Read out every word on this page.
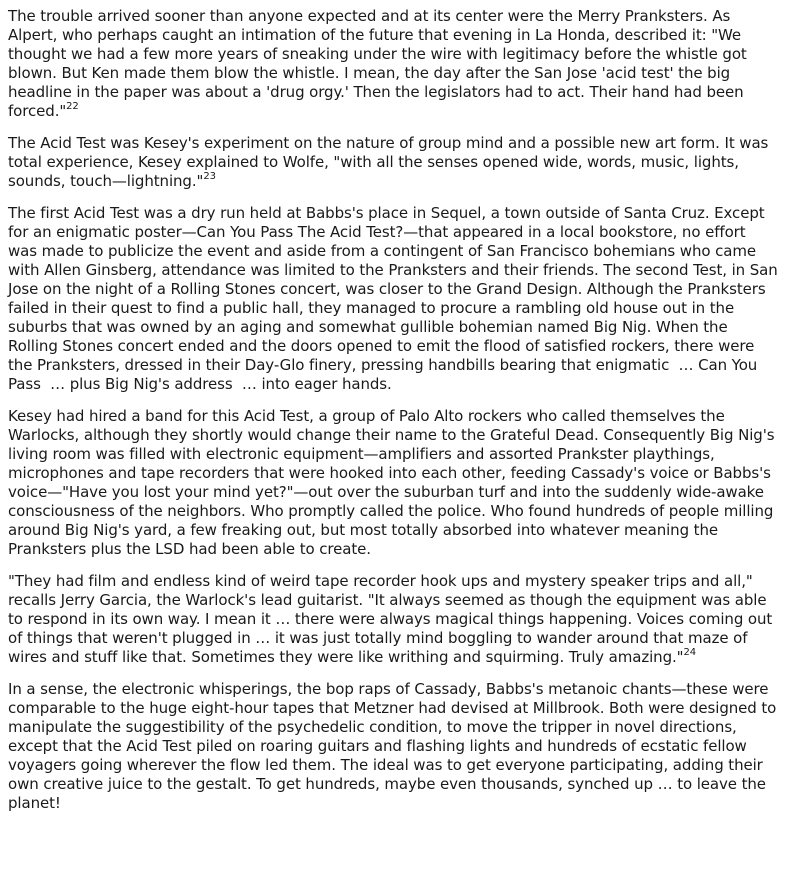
The trouble arrived sooner than anyone expected and at its center were the Merry Pranksters. As Alpert, who perhaps caught an intimation of the future that evening in La Honda, described it: "We thought we had a few more years of sneaking under the wire with legitimacy before the whistle got blown. But Ken made them blow the whistle. I mean, the day after the San Jose 'acid test' the big headline in the paper was about a 'drug orgy.' Then the legislators had to act. Their hand had been forced."$^{22}$

The Acid Test was Kesey's experiment on the nature of group mind and a possible new art form. It was total experience, Kesey explained to Wolfe, "with all the senses opened wide, words, music, lights, sounds, touch—lightning."$^{23}$

The first Acid Test was a dry run held at Babbs's place in Sequel, a town outside of Santa Cruz. Except for an enigmatic poster—Can You Pass The Acid Test?—that appeared in a local bookstore, no effort was made to publicize the event and aside from a contingent of San Francisco bohemians who came with Allen Ginsberg, attendance was limited to the Pranksters and their friends. The second Test, in San Jose on the night of a Rolling Stones concert, was closer to the Grand Design. Although the Pranksters failed in their quest to find a public hall, they managed to procure a rambling old house out in the suburbs that was owned by an aging and somewhat gullible bohemian named Big Nig. When the Rolling Stones concert ended and the doors opened to emit the flood of satisfied rockers, there were the Pranksters, dressed in their Day-Glo finery, pressing handbills bearing that enigmatic  … Can You Pass  … plus Big Nig's address  … into eager hands.

Kesey had hired a band for this Acid Test, a group of Palo Alto rockers who called themselves the Warlocks, although they shortly would change their name to the Grateful Dead. Consequently Big Nig's living room was filled with electronic equipment—amplifiers and assorted Prankster playthings, microphones and tape recorders that were hooked into each other, feeding Cassady's voice or Babbs's voice—"Have you lost your mind yet?"—out over the suburban turf and into the suddenly wide-awake consciousness of the neighbors. Who promptly called the police. Who found hundreds of people milling around Big Nig's yard, a few freaking out, but most totally absorbed into whatever meaning the Pranksters plus the LSD had been able to create.

"They had film and endless kind of weird tape recorder hook ups and mystery speaker trips and all," recalls Jerry Garcia, the Warlock's lead guitarist. "It always seemed as though the equipment was able to respond in its own way. I mean it … there were always magical things happening. Voices coming out of things that weren't plugged in … it was just totally mind boggling to wander around that maze of wires and stuff like that. Sometimes they were like writhing and squirming. Truly amazing."$^{24}$

In a sense, the electronic whisperings, the bop raps of Cassady, Babbs's metanoic chants—these were comparable to the huge eight-hour tapes that Metzner had devised at Millbrook. Both were designed to manipulate the suggestibility of the psychedelic condition, to move the tripper in novel directions, except that the Acid Test piled on roaring guitars and flashing lights and hundreds of ecstatic fellow voyagers going wherever the flow led them. The ideal was to get everyone participating, adding their own creative juice to the gestalt. To get hundreds, maybe even thousands, synched up … to leave the planet!
